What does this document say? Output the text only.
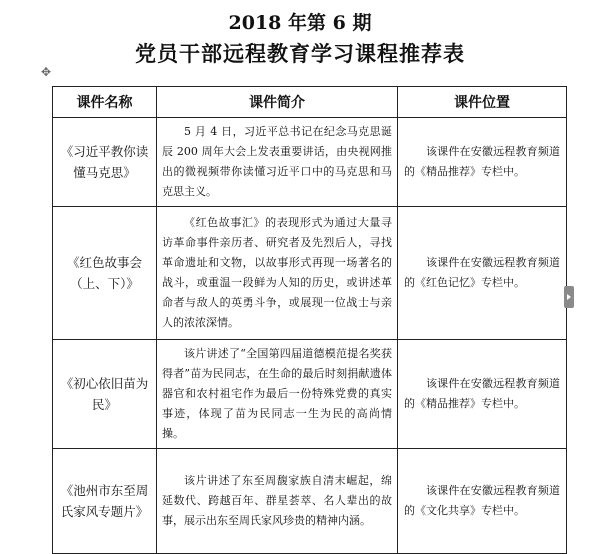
2018 年第 6 期
党员干部远程教育学习课程推荐表
✥
课件名称	课件简介	课件位置
《习近平教你读懂马克思》	5 月 4 日，习近平总书记在纪念马克思诞辰 200 周年大会上发表重要讲话，由央视网推出的微视频带你读懂习近平口中的马克思和马克思主义。	该课件在安徽远程教育频道的《精品推荐》专栏中。
《红色故事会（上、下）》	《红色故事汇》的表现形式为通过大量寻访革命事件亲历者、研究者及先烈后人，寻找革命遗址和文物，以故事形式再现一场著名的战斗，或重温一段鲜为人知的历史，或讲述革命者与敌人的英勇斗争，或展现一位战士与亲人的浓浓深情。	该课件在安徽远程教育频道的《红色记忆》专栏中。
《初心依旧苗为民》	该片讲述了“全国第四届道德模范提名奖获得者”苗为民同志，在生命的最后时刻捐献遗体器官和农村祖宅作为最后一份特殊党费的真实事迹，体现了苗为民同志一生为民的高尚情操。	该课件在安徽远程教育频道的《精品推荐》专栏中。
《池州市东至周氏家风专题片》	该片讲述了东至周馥家族自清末崛起，绵延数代、跨越百年、群星荟萃、名人辈出的故事，展示出东至周氏家风珍贵的精神内涵。	该课件在安徽远程教育频道的《文化共享》专栏中。
